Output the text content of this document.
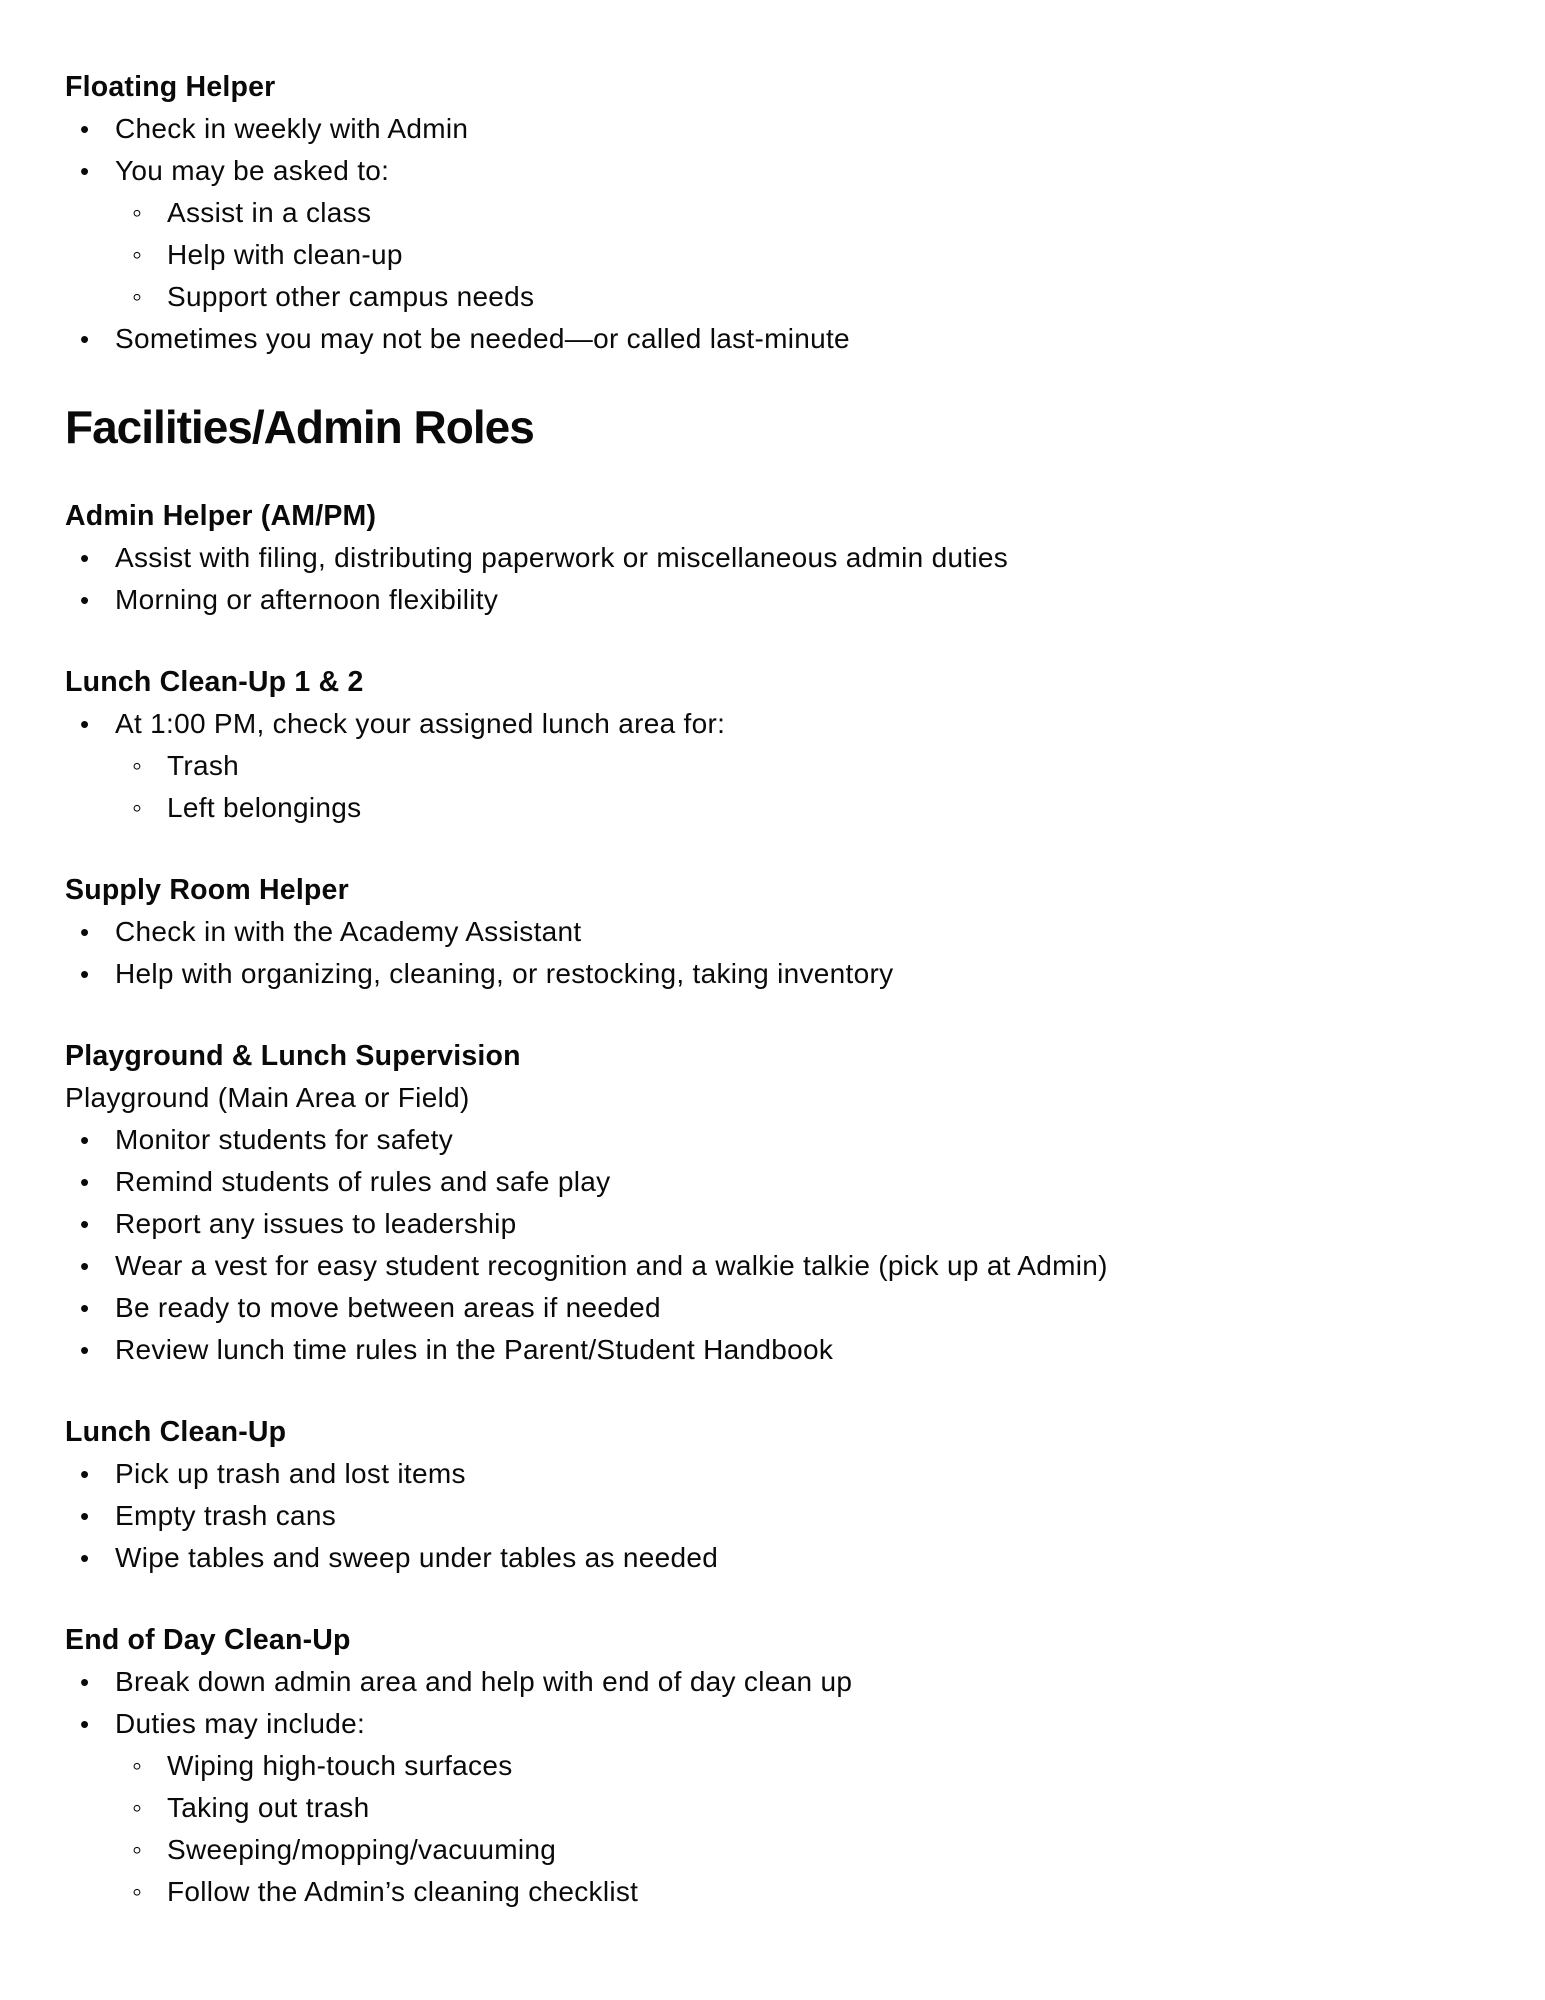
Floating Helper
• Check in weekly with Admin
• You may be asked to:
◦ Assist in a class
◦ Help with clean-up
◦ Support other campus needs
• Sometimes you may not be needed—or called last-minute
Facilities/Admin Roles
Admin Helper (AM/PM)
• Assist with filing, distributing paperwork or miscellaneous admin duties
• Morning or afternoon flexibility
Lunch Clean-Up 1 & 2
• At 1:00 PM, check your assigned lunch area for:
◦ Trash
◦ Left belongings
Supply Room Helper
• Check in with the Academy Assistant
• Help with organizing, cleaning, or restocking, taking inventory
Playground & Lunch Supervision
Playground (Main Area or Field)
• Monitor students for safety
• Remind students of rules and safe play
• Report any issues to leadership
• Wear a vest for easy student recognition and a walkie talkie (pick up at Admin)
• Be ready to move between areas if needed
• Review lunch time rules in the Parent/Student Handbook
Lunch Clean-Up
• Pick up trash and lost items
• Empty trash cans
• Wipe tables and sweep under tables as needed
End of Day Clean-Up
• Break down admin area and help with end of day clean up
• Duties may include:
◦ Wiping high-touch surfaces
◦ Taking out trash
◦ Sweeping/mopping/vacuuming
◦ Follow the Admin’s cleaning checklist
